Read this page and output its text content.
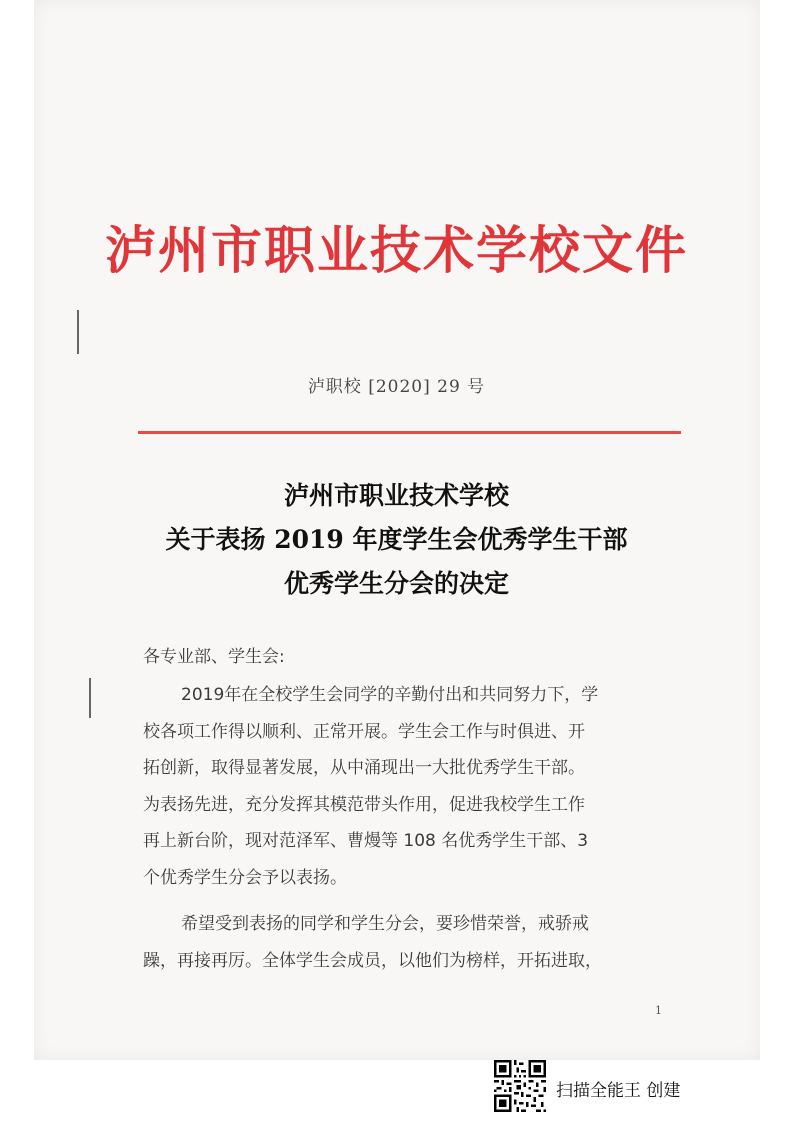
泸州市职业技术学校文件
泸职校 [2020] 29 号
泸州市职业技术学校
关于表扬 2019 年度学生会优秀学生干部
优秀学生分会的决定
各专业部、学生会:
2019年在全校学生会同学的辛勤付出和共同努力下，学
校各项工作得以顺利、正常开展。学生会工作与时俱进、开
拓创新，取得显著发展，从中涌现出一大批优秀学生干部。
为表扬先进，充分发挥其模范带头作用，促进我校学生工作
再上新台阶，现对范泽军、曹熳等 108 名优秀学生干部、3
个优秀学生分会予以表扬。
希望受到表扬的同学和学生分会，要珍惜荣誉，戒骄戒
躁，再接再厉。全体学生会成员，以他们为榜样，开拓进取，
1
扫描全能王 创建
